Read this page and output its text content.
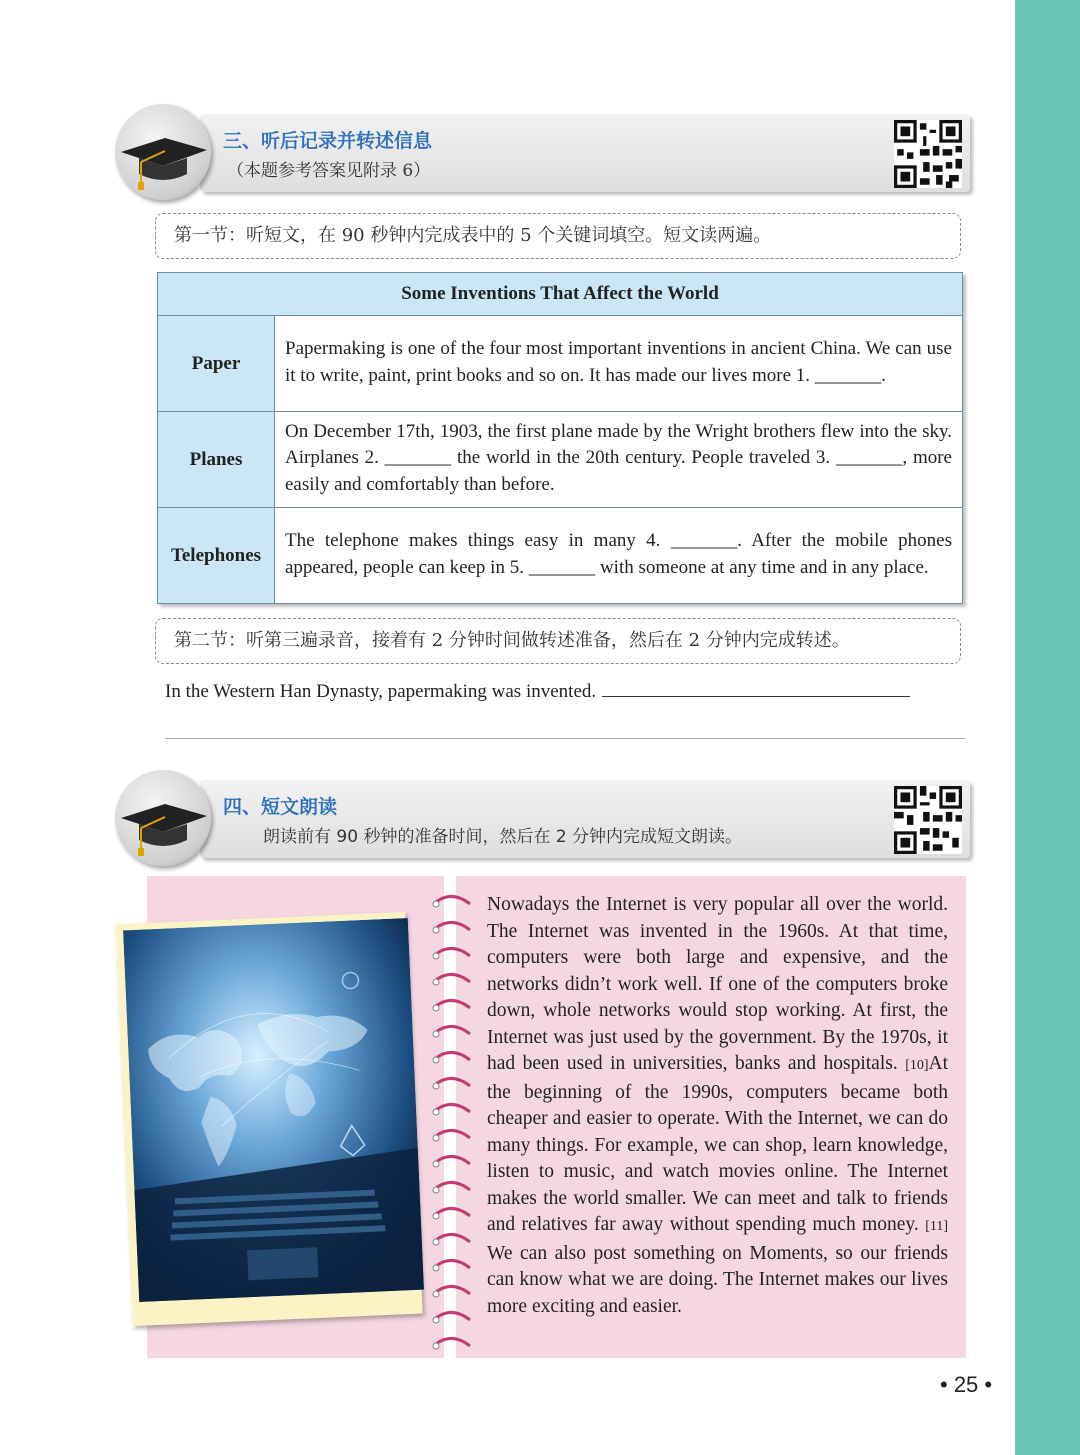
三、听后记录并转述信息
（本题参考答案见附录 6）
第一节：听短文，在 90 秒钟内完成表中的 5 个关键词填空。短文读两遍。
Some Inventions That Affect the World	
Paper	Papermaking is one of the four most important inventions in ancient China. We can use it to write, paint, print books and so on. It has made our lives more 1. _______.
Planes	On December 17th, 1903, the first plane made by the Wright brothers flew into the sky. Airplanes 2. _______ the world in the 20th century. People traveled 3. _______, more easily and comfortably than before.
Telephones	The telephone makes things easy in many 4. _______. After the mobile phones appeared, people can keep in 5. _______ with someone at any time and in any place.
第二节：听第三遍录音，接着有 2 分钟时间做转述准备，然后在 2 分钟内完成转述。
In the Western Han Dynasty, papermaking was invented.
四、短文朗读
朗读前有 90 秒钟的准备时间，然后在 2 分钟内完成短文朗读。
Nowadays the Internet is very popular all over the world. The Internet was invented in the 1960s. At that time, computers were both large and expensive, and the networks didn’t work well. If one of the computers broke down, whole networks would stop working. At first, the Internet was just used by the government. By the 1970s, it had been used in universities, banks and hospitals. [10]At the beginning of the 1990s, computers became both cheaper and easier to operate. With the Internet, we can do many things. For example, we can shop, learn knowledge, listen to music, and watch movies online. The Internet makes the world smaller. We can meet and talk to friends and relatives far away without spending much money. [11] We can also post something on Moments, so our friends can know what we are doing. The Internet makes our lives more exciting and easier.
• 25 •
